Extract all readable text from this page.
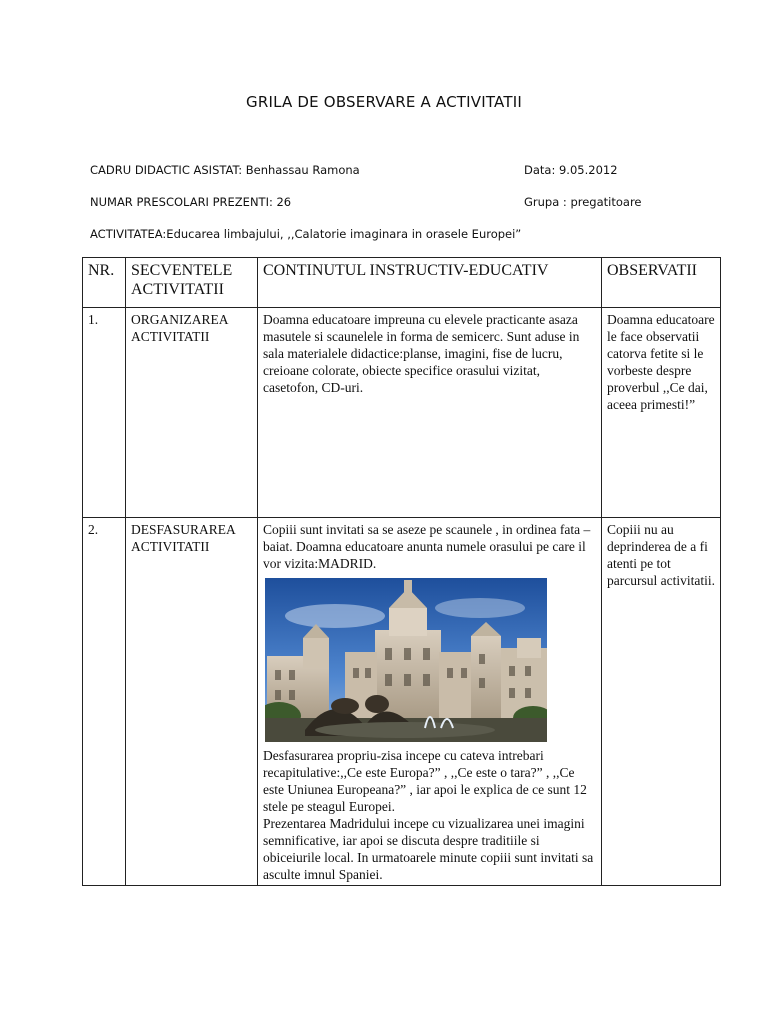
GRILA DE OBSERVARE A ACTIVITATII
CADRU DIDACTIC ASISTAT: Benhassau Ramona	Data: 9.05.2012
NUMAR PRESCOLARI PREZENTI: 26	Grupa : pregatitoare
ACTIVITATEA:Educarea limbajului, ,,Calatorie imaginara in orasele Europei”
NR.	SECVENTELE ACTIVITATII	CONTINUTUL INSTRUCTIV-EDUCATIV	OBSERVATII
1.	ORGANIZAREA ACTIVITATII	Doamna educatoare impreuna cu elevele practicante asaza masutele si scaunelele in forma de semicerc. Sunt aduse in sala materialele didactice:planse, imagini, fise de lucru, creioane colorate, obiecte specifice orasului vizitat, casetofon, CD-uri.	Doamna educatoare le face observatii catorva fetite si le vorbeste despre proverbul ,,Ce dai, aceea primesti!”
2.	DESFASURAREA ACTIVITATII	Copiii sunt invitati sa se aseze pe scaunele , in ordinea fata –baiat. Doamna educatoare anunta numele orasului pe care il vor vizita:MADRID.

Desfasurarea propriu-zisa incepe cu cateva intrebari recapitulative:,,Ce este Europa?” , ,,Ce este o tara?” , ,,Ce este Uniunea Europeana?” , iar apoi le explica de ce sunt 12 stele pe steagul Europei.

Prezentarea Madridului incepe cu vizualizarea unei imagini semnificative, iar apoi se discuta despre traditiile si obiceiurile local. In urmatoarele minute copiii sunt invitati sa asculte imnul Spaniei.	Copiii nu au deprinderea de a fi atenti pe tot parcursul activitatii.
